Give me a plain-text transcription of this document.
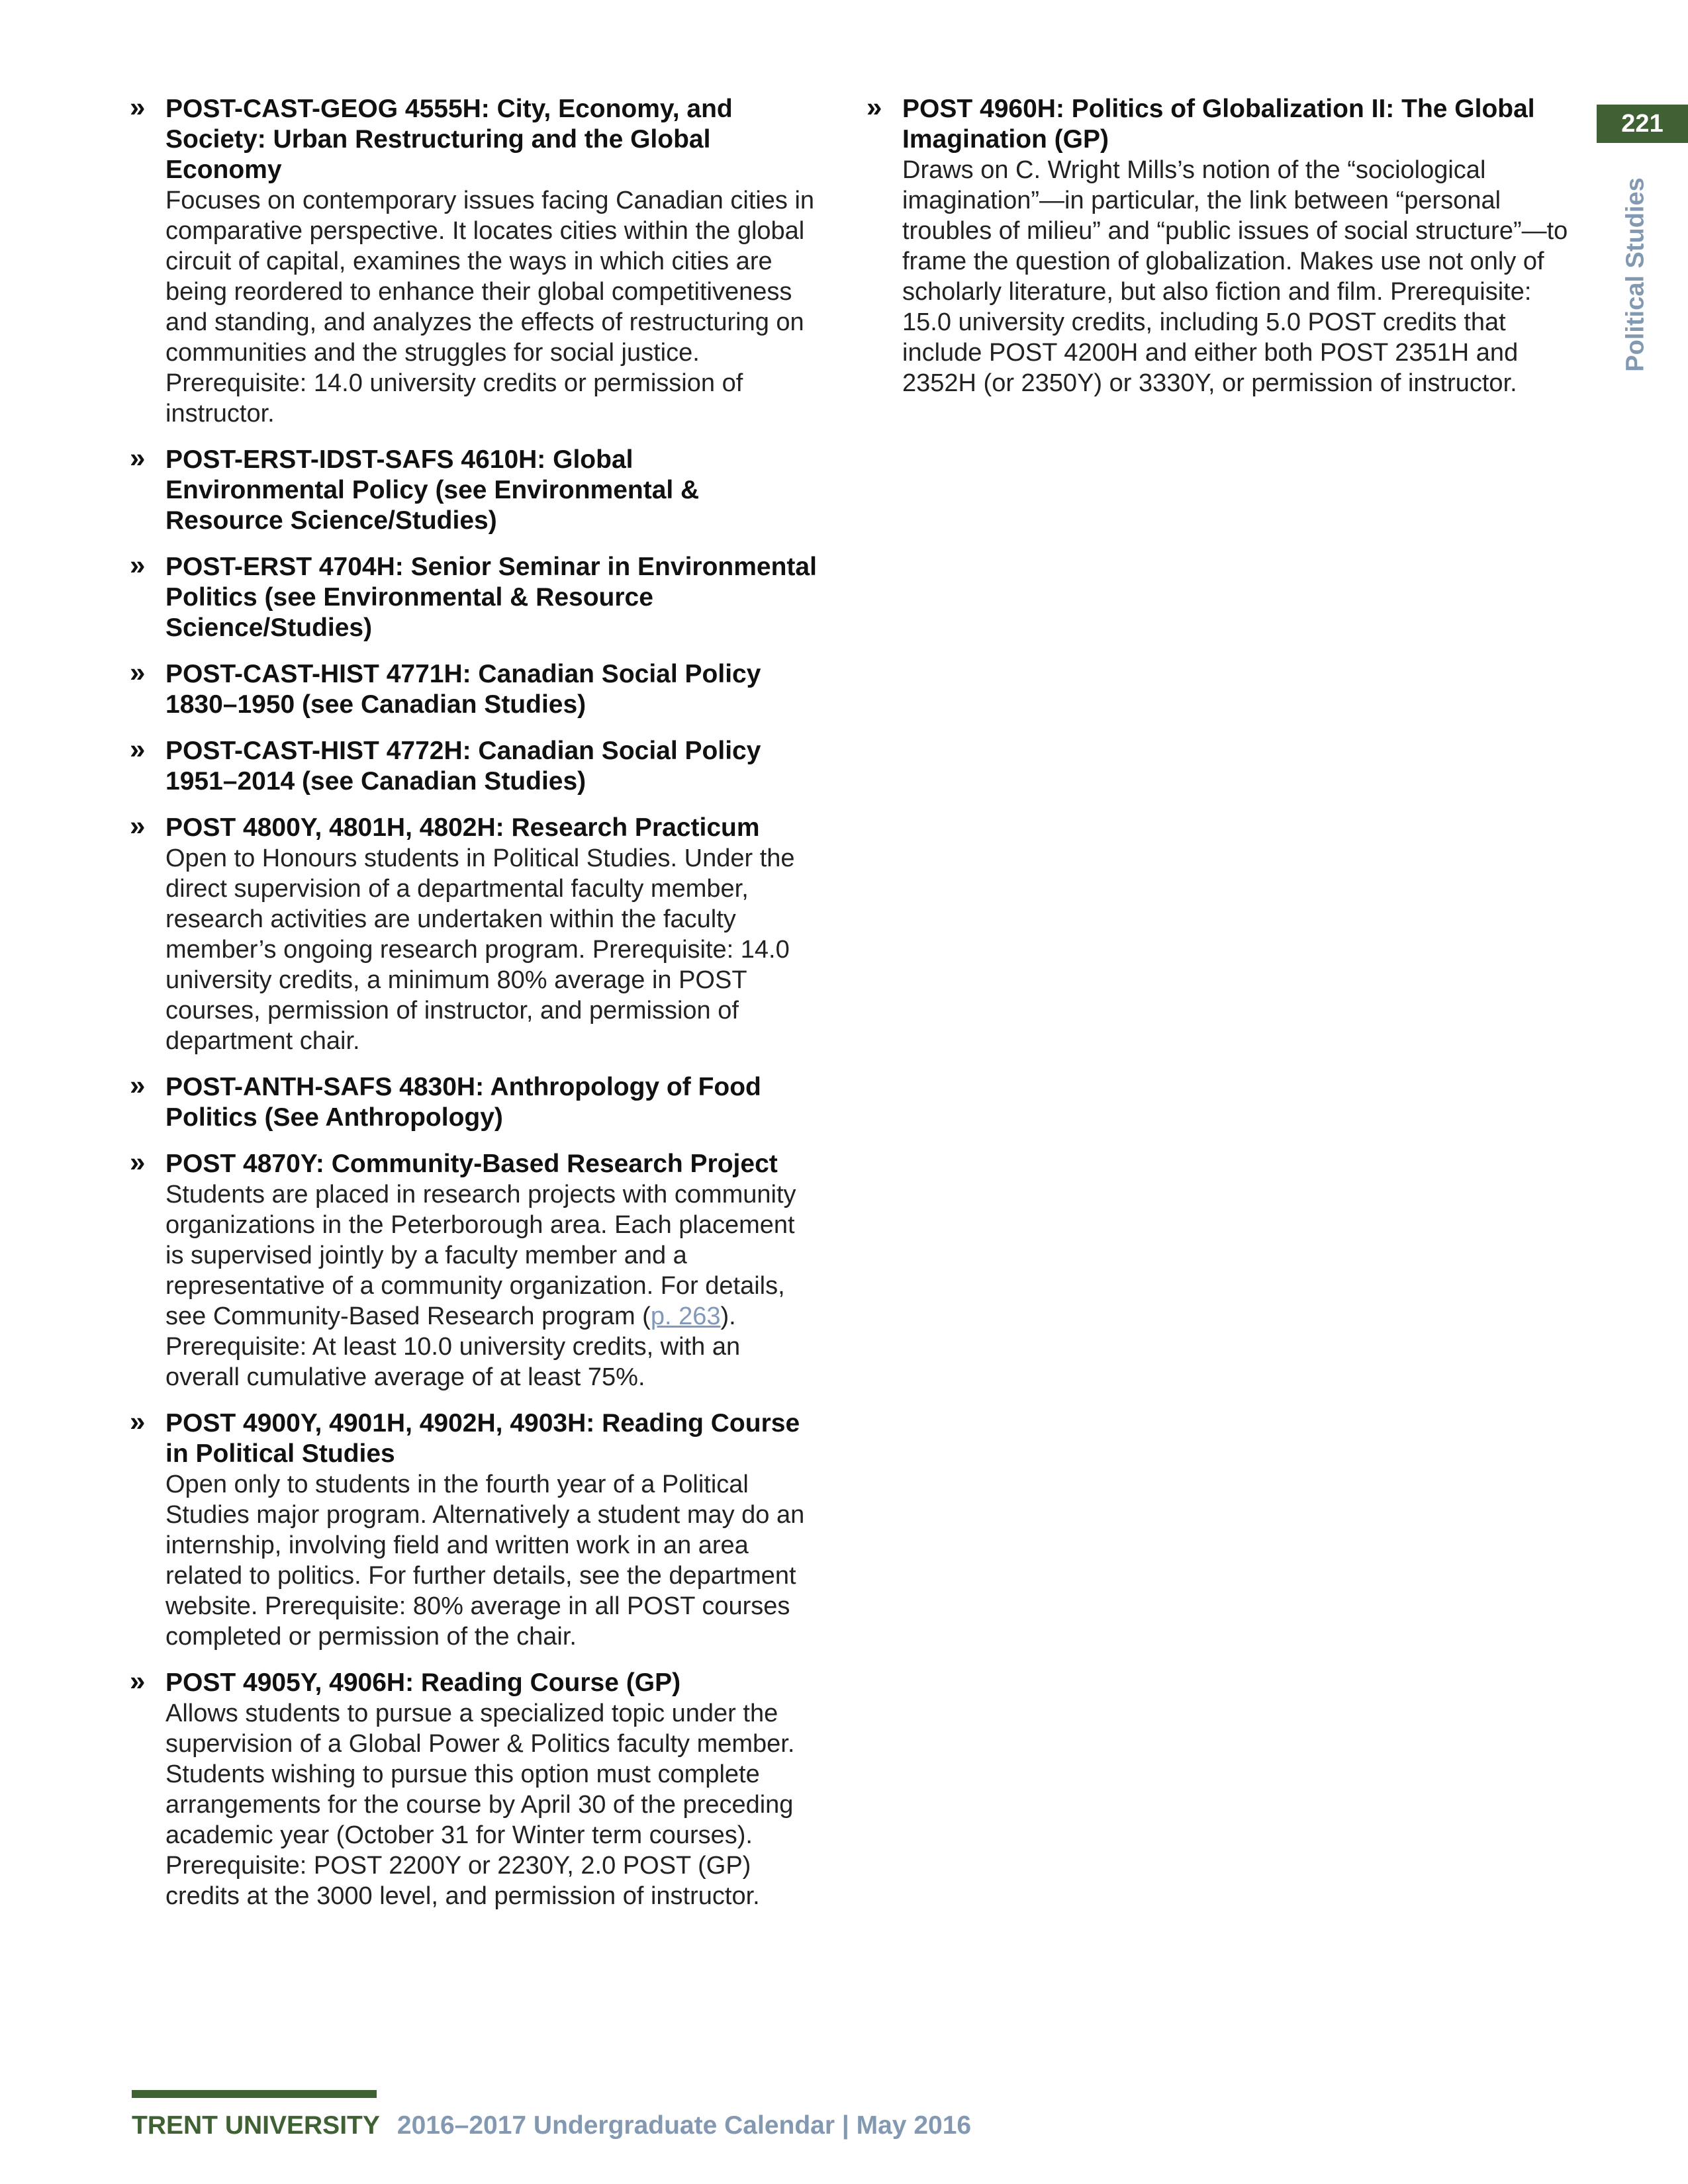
» POST-CAST-GEOG 4555H: City, Economy, and Society: Urban Restructuring and the Global Economy
Focuses on contemporary issues facing Canadian cities in comparative perspective. It locates cities within the global circuit of capital, examines the ways in which cities are being reordered to enhance their global competitiveness and standing, and analyzes the effects of restructuring on communities and the struggles for social justice. Prerequisite: 14.0 university credits or permission of instructor.
» POST-ERST-IDST-SAFS 4610H: Global Environmental Policy (see Environmental & Resource Science/Studies)
» POST-ERST 4704H: Senior Seminar in Environmental Politics (see Environmental & Resource Science/Studies)
» POST-CAST-HIST 4771H: Canadian Social Policy 1830–1950 (see Canadian Studies)
» POST-CAST-HIST 4772H: Canadian Social Policy 1951–2014 (see Canadian Studies)
» POST 4800Y, 4801H, 4802H: Research Practicum
Open to Honours students in Political Studies. Under the direct supervision of a departmental faculty member, research activities are undertaken within the faculty member’s ongoing research program. Prerequisite: 14.0 university credits, a minimum 80% average in POST courses, permission of instructor, and permission of department chair.
» POST-ANTH-SAFS 4830H: Anthropology of Food Politics (See Anthropology)
» POST 4870Y: Community-Based Research Project
Students are placed in research projects with community organizations in the Peterborough area. Each placement is supervised jointly by a faculty member and a representative of a community organization. For details, see Community-Based Research program (p. 263). Prerequisite: At least 10.0 university credits, with an overall cumulative average of at least 75%.
» POST 4900Y, 4901H, 4902H, 4903H: Reading Course in Political Studies
Open only to students in the fourth year of a Political Studies major program. Alternatively a student may do an internship, involving field and written work in an area related to politics. For further details, see the department website. Prerequisite: 80% average in all POST courses completed or permission of the chair.
» POST 4905Y, 4906H: Reading Course (GP)
Allows students to pursue a specialized topic under the supervision of a Global Power & Politics faculty member. Students wishing to pursue this option must complete arrangements for the course by April 30 of the preceding academic year (October 31 for Winter term courses). Prerequisite: POST 2200Y or 2230Y, 2.0 POST (GP) credits at the 3000 level, and permission of instructor.
» POST 4960H: Politics of Globalization II: The Global Imagination (GP)
Draws on C. Wright Mills’s notion of the “sociological imagination”—in particular, the link between “personal troubles of milieu” and “public issues of social structure”—to frame the question of globalization. Makes use not only of scholarly literature, but also fiction and film. Prerequisite: 15.0 university credits, including 5.0 POST credits that include POST 4200H and either both POST 2351H and 2352H (or 2350Y) or 3330Y, or permission of instructor.
221
Political Studies
TRENT UNIVERSITY 2016–2017 Undergraduate Calendar | May 2016
